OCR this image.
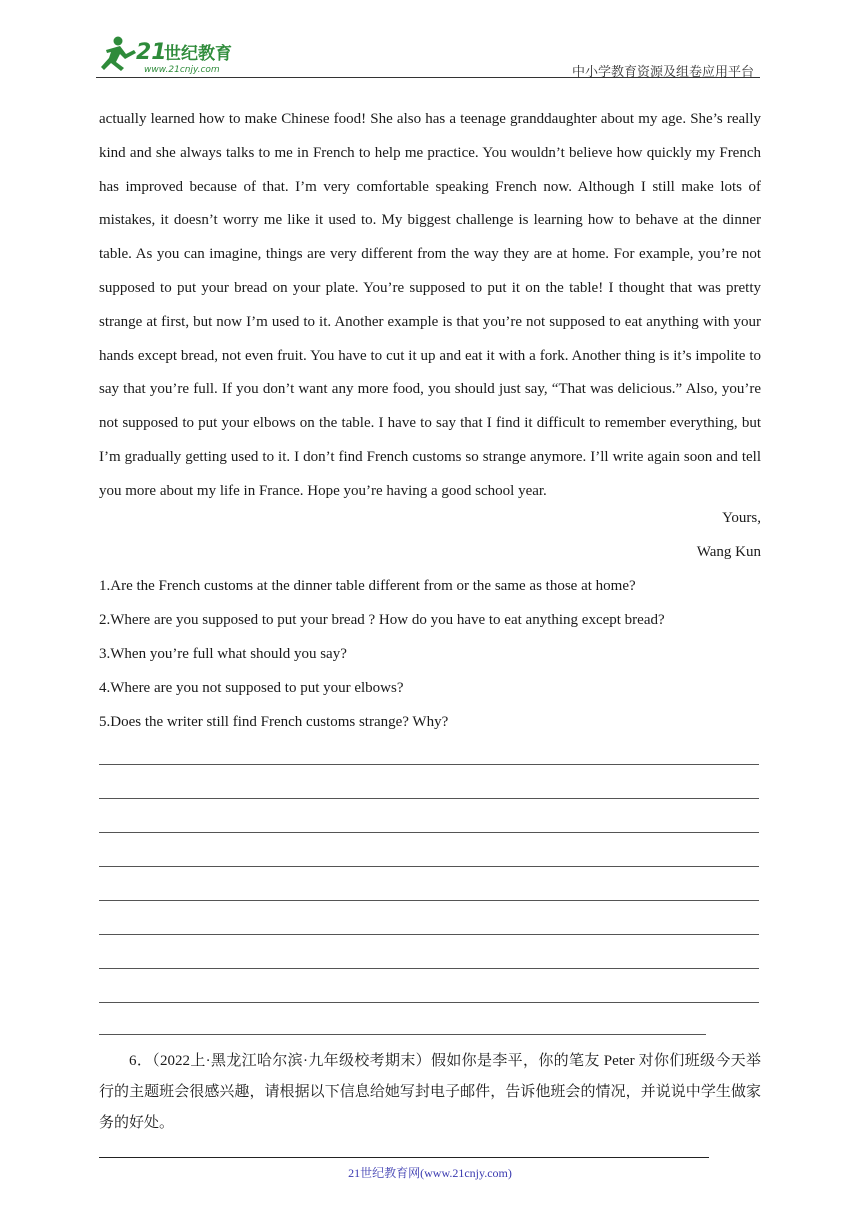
21
世纪教育
www.21cnjy.com	中小学教育资源及组卷应用平台

actually learned how to make Chinese food! She also has a teenage granddaughter about my age. She’s really kind and she always talks to me in French to help me practice. You wouldn’t believe how quickly my French has improved because of that. I’m very comfortable speaking French now. Although I still make lots of mistakes, it doesn’t worry me like it used to. My biggest challenge is learning how to behave at the dinner table. As you can imagine, things are very different from the way they are at home. For example, you’re not supposed to put your bread on your plate. You’re supposed to put it on the table! I thought that was pretty strange at first, but now I’m used to it. Another example is that you’re not supposed to eat anything with your hands except bread, not even fruit. You have to cut it up and eat it with a fork. Another thing is it’s impolite to say that you’re full. If you don’t want any more food, you should just say, “That was delicious.” Also, you’re not supposed to put your elbows on the table. I have to say that I find it difficult to remember everything, but I’m gradually getting used to it. I don’t find French customs so strange anymore. I’ll write again soon and tell you more about my life in France. Hope you’re having a good school year.

Yours,
Wang Kun
1.Are the French customs at the dinner table different from or the same as those at home?
2.Where are you supposed to put your bread ? How do you have to eat anything except bread?
3.When you’re full what should you say?
4.Where are you not supposed to put your elbows?
5.Does the writer still find French customs strange? Why?

6．（2022上·黑龙江哈尔滨·九年级校考期末）假如你是李平，你的笔友 Peter 对你们班级今天举行的主题班会很感兴趣，请根据以下信息给她写封电子邮件，告诉他班会的情况，并说说中学生做家务的好处。

21世纪教育网(www.21cnjy.com)
